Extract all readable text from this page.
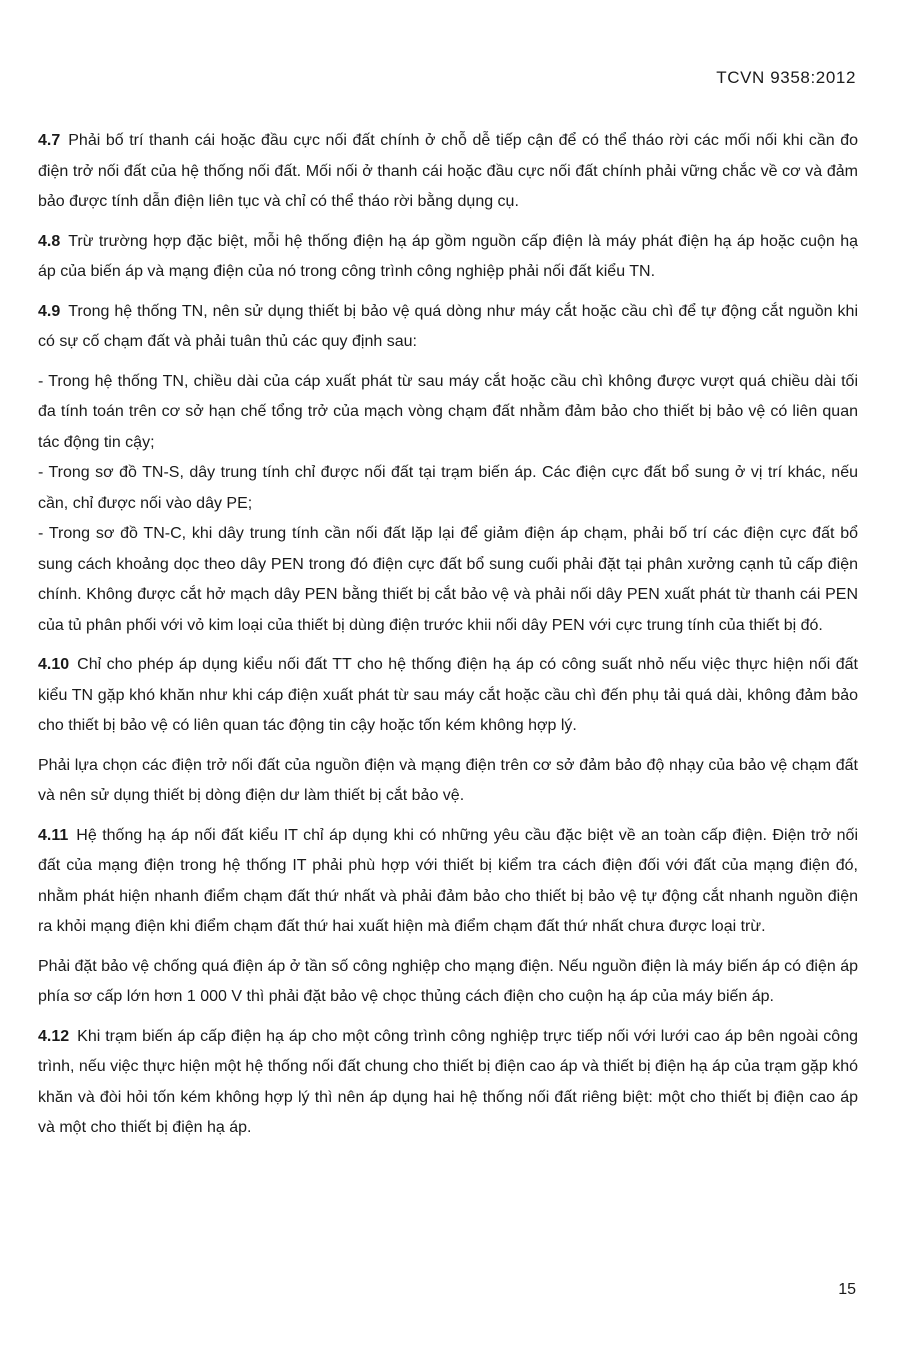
TCVN 9358:2012

4.7 Phải bố trí thanh cái hoặc đầu cực nối đất chính ở chỗ dễ tiếp cận để có thể tháo rời các mối nối khi cần đo điện trở nối đất của hệ thống nối đất. Mối nối ở thanh cái hoặc đầu cực nối đất chính phải vững chắc về cơ và đảm bảo được tính dẫn điện liên tục và chỉ có thể tháo rời bằng dụng cụ.

4.8 Trừ trường hợp đặc biệt, mỗi hệ thống điện hạ áp gồm nguồn cấp điện là máy phát điện hạ áp hoặc cuộn hạ áp của biến áp và mạng điện của nó trong công trình công nghiệp phải nối đất kiểu TN.

4.9 Trong hệ thống TN, nên sử dụng thiết bị bảo vệ quá dòng như máy cắt hoặc cầu chì để tự động cắt nguồn khi có sự cố chạm đất và phải tuân thủ các quy định sau:

- Trong hệ thống TN, chiều dài của cáp xuất phát từ sau máy cắt hoặc cầu chì không được vượt quá chiều dài tối đa tính toán trên cơ sở hạn chế tổng trở của mạch vòng chạm đất nhằm đảm bảo cho thiết bị bảo vệ có liên quan tác động tin cậy;

- Trong sơ đồ TN-S, dây trung tính chỉ được nối đất tại trạm biến áp. Các điện cực đất bổ sung ở vị trí khác, nếu cần, chỉ được nối vào dây PE;

- Trong sơ đồ TN-C, khi dây trung tính cần nối đất lặp lại để giảm điện áp chạm, phải bố trí các điện cực đất bổ sung cách khoảng dọc theo dây PEN trong đó điện cực đất bổ sung cuối phải đặt tại phân xưởng cạnh tủ cấp điện chính. Không được cắt hở mạch dây PEN bằng thiết bị cắt bảo vệ và phải nối dây PEN xuất phát từ thanh cái PEN của tủ phân phối với vỏ kim loại của thiết bị dùng điện trước khii nối dây PEN với cực trung tính của thiết bị đó.

4.10 Chỉ cho phép áp dụng kiểu nối đất TT cho hệ thống điện hạ áp có công suất nhỏ nếu việc thực hiện nối đất kiểu TN gặp khó khăn như khi cáp điện xuất phát từ sau máy cắt hoặc cầu chì đến phụ tải quá dài, không đảm bảo cho thiết bị bảo vệ có liên quan tác động tin cậy hoặc tốn kém không hợp lý.

Phải lựa chọn các điện trở nối đất của nguồn điện và mạng điện trên cơ sở đảm bảo độ nhạy của bảo vệ chạm đất và nên sử dụng thiết bị dòng điện dư làm thiết bị cắt bảo vệ.

4.11 Hệ thống hạ áp nối đất kiểu IT chỉ áp dụng khi có những yêu cầu đặc biệt về an toàn cấp điện. Điện trở nối đất của mạng điện trong hệ thống IT phải phù hợp với thiết bị kiểm tra cách điện đối với đất của mạng điện đó, nhằm phát hiện nhanh điểm chạm đất thứ nhất và phải đảm bảo cho thiết bị bảo vệ tự động cắt nhanh nguồn điện ra khỏi mạng điện khi điểm chạm đất thứ hai xuất hiện mà điểm chạm đất thứ nhất chưa được loại trừ.

Phải đặt bảo vệ chống quá điện áp ở tần số công nghiệp cho mạng điện. Nếu nguồn điện là máy biến áp có điện áp phía sơ cấp lớn hơn 1 000 V thì phải đặt bảo vệ chọc thủng cách điện cho cuộn hạ áp của máy biến áp.

4.12 Khi trạm biến áp cấp điện hạ áp cho một công trình công nghiệp trực tiếp nối với lưới cao áp bên ngoài công trình, nếu việc thực hiện một hệ thống nối đất chung cho thiết bị điện cao áp và thiết bị điện hạ áp của trạm gặp khó khăn và đòi hỏi tốn kém không hợp lý thì nên áp dụng hai hệ thống nối đất riêng biệt: một cho thiết bị điện cao áp và một cho thiết bị điện hạ áp.

15
